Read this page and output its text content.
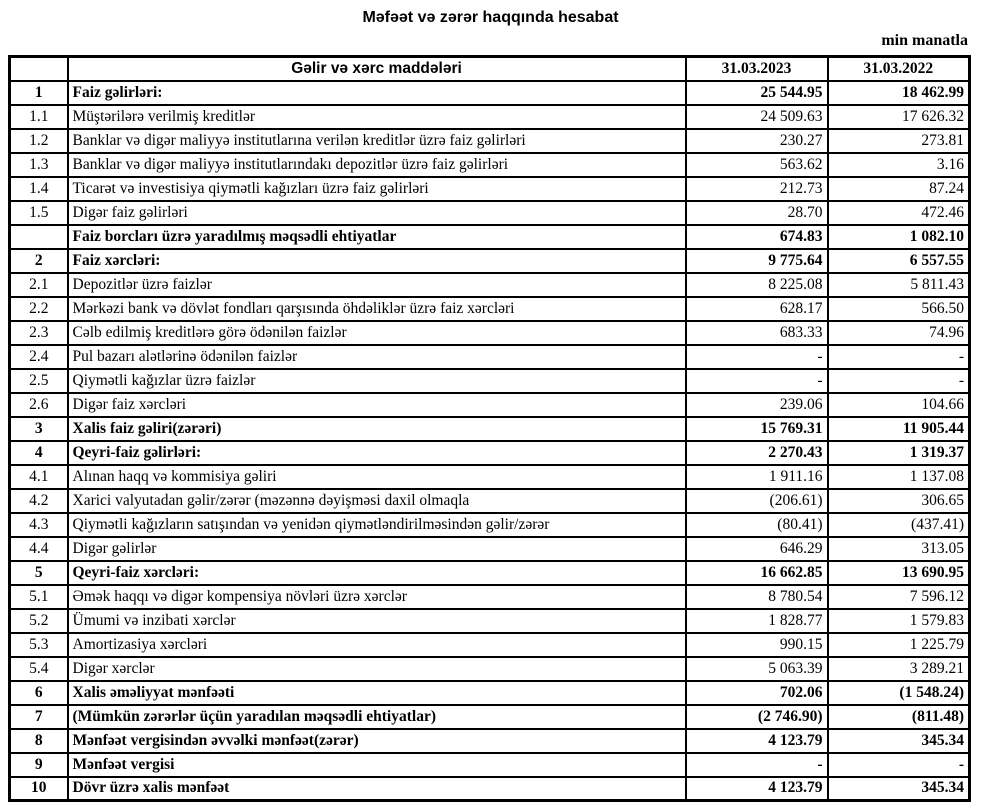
Məfəət və zərər haqqında hesabat
min manatla
	Gəlir və xərc maddələri	31.03.2023	31.03.2022
1	Faiz gəlirləri:	25 544.95	18 462.99
1.1	Müştərilərə verilmiş kreditlər	24 509.63	17 626.32
1.2	Banklar və digər maliyyə institutlarına verilən kreditlər üzrə faiz gəlirləri	230.27	273.81
1.3	Banklar və digər maliyyə institutlarındakı depozitlər üzrə faiz gəlirləri	563.62	3.16
1.4	Ticarət və investisiya qiymətli kağızları üzrə faiz gəlirləri	212.73	87.24
1.5	Digər faiz gəlirləri	28.70	472.46
	Faiz borcları üzrə yaradılmış məqsədli ehtiyatlar	674.83	1 082.10
2	Faiz xərcləri:	9 775.64	6 557.55
2.1	Depozitlər üzrə faizlər	8 225.08	5 811.43
2.2	Mərkəzi bank və dövlət fondları qarşısında öhdəliklər üzrə faiz xərcləri	628.17	566.50
2.3	Cəlb edilmiş kreditlərə görə ödənilən faizlər	683.33	74.96
2.4	Pul bazarı alətlərinə ödənilən faizlər	-	-
2.5	Qiymətli kağızlar üzrə faizlər	-	-
2.6	Digər faiz xərcləri	239.06	104.66
3	Xalis faiz gəliri(zərəri)	15 769.31	11 905.44
4	Qeyri-faiz gəlirləri:	2 270.43	1 319.37
4.1	Alınan haqq və kommisiya gəliri	1 911.16	1 137.08
4.2	Xarici valyutadan gəlir/zərər (məzənnə dəyişməsi daxil olmaqla	(206.61)	306.65
4.3	Qiymətli kağızların satışından və yenidən qiymətləndirilməsindən gəlir/zərər	(80.41)	(437.41)
4.4	Digər gəlirlər	646.29	313.05
5	Qeyri-faiz xərcləri:	16 662.85	13 690.95
5.1	Əmək haqqı və digər kompensiya növləri üzrə xərclər	8 780.54	7 596.12
5.2	Ümumi və inzibati xərclər	1 828.77	1 579.83
5.3	Amortizasiya xərcləri	990.15	1 225.79
5.4	Digər xərclər	5 063.39	3 289.21
6	Xalis əməliyyat mənfəəti	702.06	(1 548.24)
7	(Mümkün zərərlər üçün yaradılan məqsədli ehtiyatlar)	(2 746.90)	(811.48)
8	Mənfəət vergisindən əvvəlki mənfəət(zərər)	4 123.79	345.34
9	Mənfəət vergisi	-	-
10	Dövr üzrə xalis mənfəət	4 123.79	345.34
